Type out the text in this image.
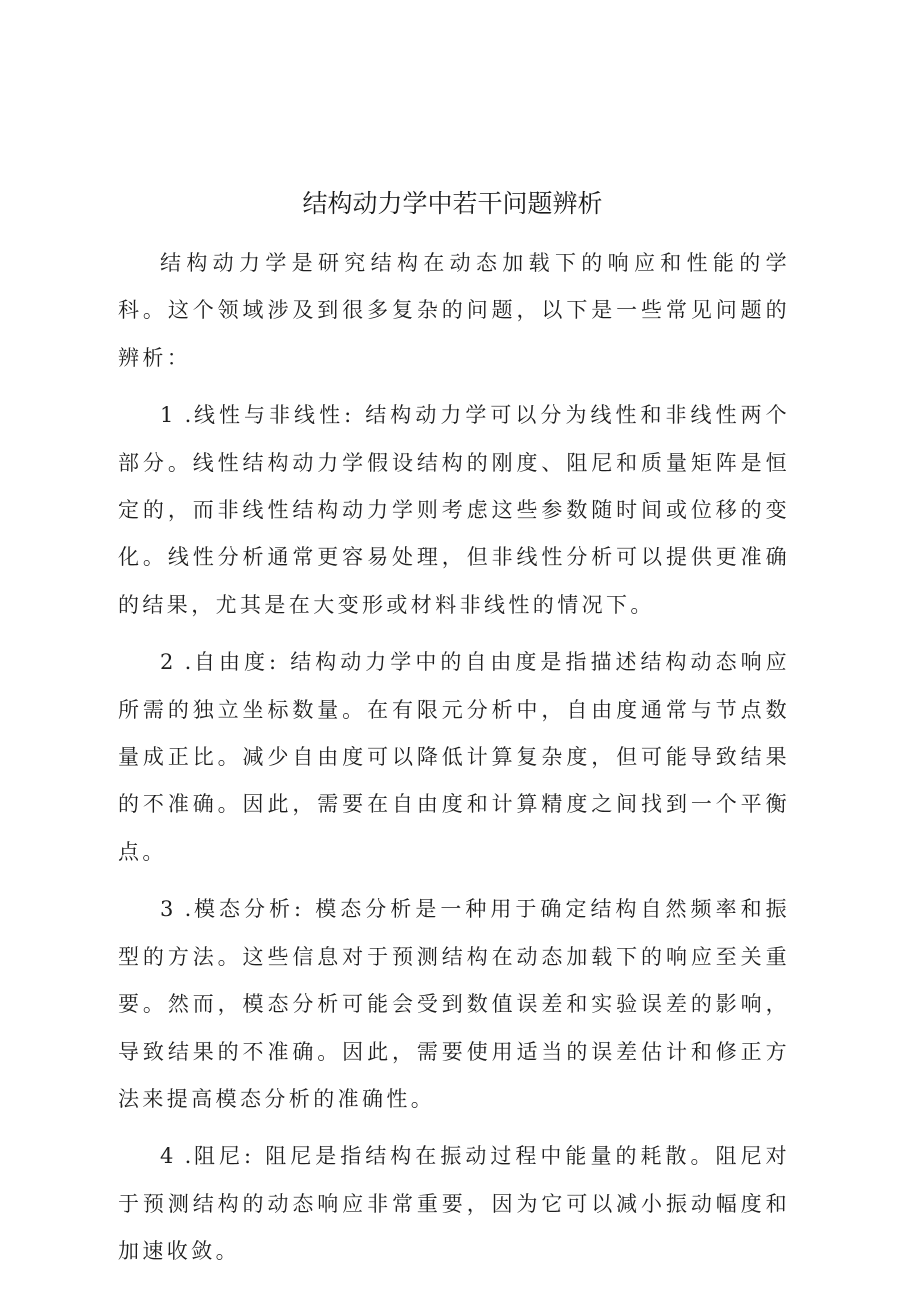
结构动力学中若干问题辨析

结构动力学是研究结构在动态加载下的响应和性能的学科。这个领域涉及到很多复杂的问题，以下是一些常见问题的辨析：

1 .线性与非线性: 结构动力学可以分为线性和非线性两个部分。线性结构动力学假设结构的刚度、阻尼和质量矩阵是恒定的，而非线性结构动力学则考虑这些参数随时间或位移的变化。线性分析通常更容易处理，但非线性分析可以提供更准确的结果，尤其是在大变形或材料非线性的情况下。

2 .自由度: 结构动力学中的自由度是指描述结构动态响应所需的独立坐标数量。在有限元分析中，自由度通常与节点数量成正比。减少自由度可以降低计算复杂度，但可能导致结果的不准确。因此，需要在自由度和计算精度之间找到一个平衡点。

3 .模态分析: 模态分析是一种用于确定结构自然频率和振型的方法。这些信息对于预测结构在动态加载下的响应至关重要。然而，模态分析可能会受到数值误差和实验误差的影响，导致结果的不准确。因此，需要使用适当的误差估计和修正方法来提高模态分析的准确性。

4 .阻尼: 阻尼是指结构在振动过程中能量的耗散。阻尼对于预测结构的动态响应非常重要，因为它可以减小振动幅度和加速收敛。
